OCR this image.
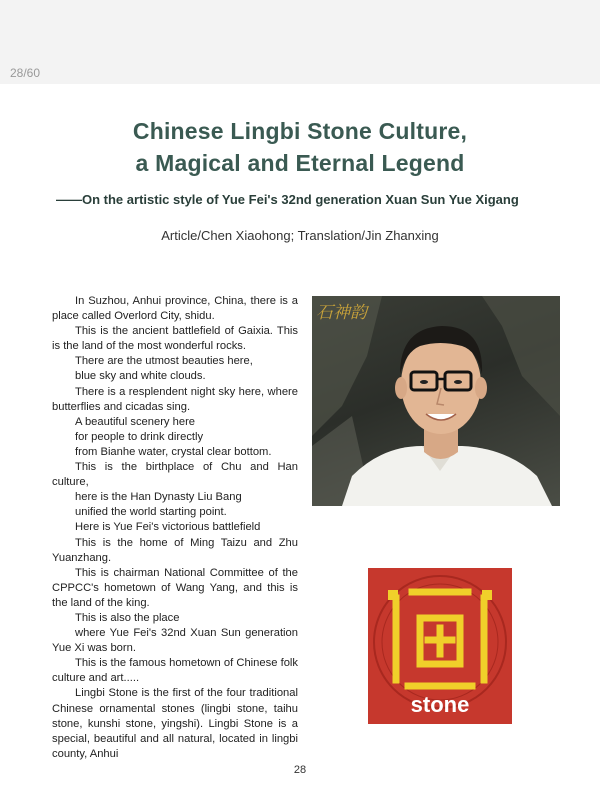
28/60
Chinese Lingbi Stone Culture,
a Magical and Eternal Legend

——On the artistic style of Yue Fei's 32nd generation Xuan Sun Yue Xigang

Article/Chen Xiaohong; Translation/Jin Zhanxing

In Suzhou, Anhui province, China, there is a place called Overlord City, shidu.

This is the ancient battlefield of Gaixia. This is the land of the most wonderful rocks.

There are the utmost beauties here,

blue sky and white clouds.

There is a resplendent night sky here, where butterflies and cicadas sing.

A beautiful scenery here

for people to drink directly

from Bianhe water, crystal clear bottom.

This is the birthplace of Chu and Han culture,

here is the Han Dynasty Liu Bang

unified the world starting point.

Here is Yue Fei's victorious battlefield

This is the home of Ming Taizu and Zhu Yuanzhang.

This is chairman National Committee of the CPPCC's hometown of Wang Yang, and this is the land of the king.

This is also the place

where Yue Fei's 32nd Xuan Sun generation Yue Xi was born.

This is the famous hometown of Chinese folk culture and art.....

Lingbi Stone is the first of the four traditional Chinese ornamental stones (lingbi stone, taihu stone, kunshi stone, yingshi). Lingbi Stone is a special, beautiful and all natural, located in lingbi county, Anhui

石神韵
stone
28
